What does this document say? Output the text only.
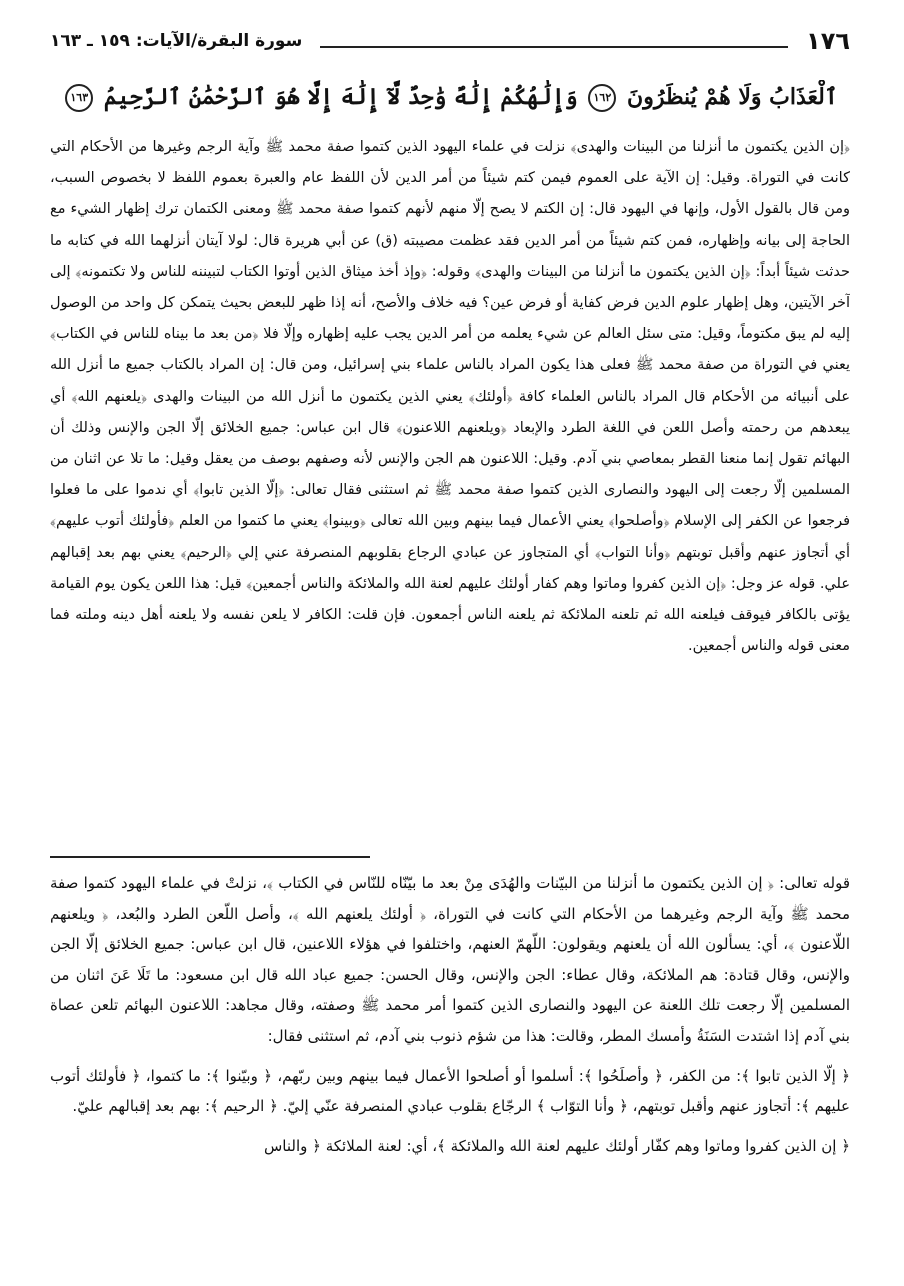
١٧٦
سورة البقرة/الآيات: ١٥٩ ـ ١٦٣
ٱلْعَذَابُ وَلَا هُمْ يُنظَرُونَ ١٦٢ وَإِلَٰهُكُمْ إِلَٰهٌ وَٰحِدٌ لَّآ إِلَٰهَ إِلَّا هُوَ ٱلرَّحْمَٰنُ ٱلرَّحِيمُ ١٦٣

﴿إن الذين يكتمون ما أنزلنا من البينات والهدى﴾ نزلت في علماء اليهود الذين كتموا صفة محمد ﷺ وآية الرجم وغيرها من الأحكام التي كانت في التوراة. وقيل: إن الآية على العموم فيمن كتم شيئاً من أمر الدين لأن اللفظ عام والعبرة بعموم اللفظ لا بخصوص السبب، ومن قال بالقول الأول، وإنها في اليهود قال: إن الكتم لا يصح إلّا منهم لأنهم كتموا صفة محمد ﷺ ومعنى الكتمان ترك إظهار الشيء مع الحاجة إلى بيانه وإظهاره، فمن كتم شيئاً من أمر الدين فقد عظمت مصيبته (ق) عن أبي هريرة قال: لولا آيتان أنزلهما الله في كتابه ما حدثت شيئاً أبداً: ﴿إن الذين يكتمون ما أنزلنا من البينات والهدى﴾ وقوله: ﴿وإذ أخذ ميثاق الذين أوتوا الكتاب لتبيننه للناس ولا تكتمونه﴾ إلى آخر الآيتين، وهل إظهار علوم الدين فرض كفاية أو فرض عين؟ فيه خلاف والأصح، أنه إذا ظهر للبعض بحيث يتمكن كل واحد من الوصول إليه لم يبق مكتوماً، وقيل: متى سئل العالم عن شيء يعلمه من أمر الدين يجب عليه إظهاره وإلّا فلا ﴿من بعد ما بيناه للناس في الكتاب﴾ يعني في التوراة من صفة محمد ﷺ فعلى هذا يكون المراد بالناس علماء بني إسرائيل، ومن قال: إن المراد بالكتاب جميع ما أنزل الله على أنبيائه من الأحكام قال المراد بالناس العلماء كافة ﴿أولئك﴾ يعني الذين يكتمون ما أنزل الله من البينات والهدى ﴿يلعنهم الله﴾ أي يبعدهم من رحمته وأصل اللعن في اللغة الطرد والإبعاد ﴿ويلعنهم اللاعنون﴾ قال ابن عباس: جميع الخلائق إلّا الجن والإنس وذلك أن البهائم تقول إنما منعنا القطر بمعاصي بني آدم. وقيل: اللاعنون هم الجن والإنس لأنه وصفهم بوصف من يعقل وقيل: ما تلا عن اثنان من المسلمين إلّا رجعت إلى اليهود والنصارى الذين كتموا صفة محمد ﷺ ثم استثنى فقال تعالى: ﴿إلّا الذين تابوا﴾ أي ندموا على ما فعلوا فرجعوا عن الكفر إلى الإسلام ﴿وأصلحوا﴾ يعني الأعمال فيما بينهم وبين الله تعالى ﴿وبينوا﴾ يعني ما كتموا من العلم ﴿فأولئك أتوب عليهم﴾ أي أتجاوز عنهم وأقبل توبتهم ﴿وأنا التواب﴾ أي المتجاوز عن عبادي الرجاع بقلوبهم المنصرفة عني إلي ﴿الرحيم﴾ يعني بهم بعد إقبالهم علي. قوله عز وجل: ﴿إن الذين كفروا وماتوا وهم كفار أولئك عليهم لعنة الله والملائكة والناس أجمعين﴾ قيل: هذا اللعن يكون يوم القيامة يؤتى بالكافر فيوقف فيلعنه الله ثم تلعنه الملائكة ثم يلعنه الناس أجمعون. فإن قلت: الكافر لا يلعن نفسه ولا يلعنه أهل دينه وملته فما معنى قوله والناس أجمعين.

قوله تعالى: ﴿ إن الذين يكتمون ما أنزلنا من البيّنات والهُدَى مِنْ بعد ما بيّنّاه للنّاس في الكتاب ﴾، نزلتْ في علماء اليهود كتموا صفة محمد ﷺ وآية الرجم وغيرهما من الأحكام التي كانت في التوراة، ﴿ أولئك يلعنهم الله ﴾، وأصل اللّعن الطرد والبُعد، ﴿ ويلعنهم اللّاعنون ﴾، أي: يسألون الله أن يلعنهم ويقولون: اللّهمّ العنهم، واختلفوا في هؤلاء اللاعنين، قال ابن عباس: جميع الخلائق إلّا الجن والإنس، وقال قتادة: هم الملائكة، وقال عطاء: الجن والإنس، وقال الحسن: جميع عباد الله قال ابن مسعود: ما تَلَا عَنَ اثنان من المسلمين إلّا رجعت تلك اللعنة عن اليهود والنصارى الذين كتموا أمر محمد ﷺ وصفته، وقال مجاهد: اللاعنون البهائم تلعن عصاة بني آدم إذا اشتدت السَنَةُ وأمسك المطر، وقالت: هذا من شؤم ذنوب بني آدم، ثم استثنى فقال:

﴿ إلّا الذين تابوا ﴾: من الكفر، ﴿ وأصلَحُوا ﴾: أسلموا أو أصلحوا الأعمال فيما بينهم وبين ربّهم، ﴿ وبيّنوا ﴾: ما كتموا، ﴿ فأولئك أتوب عليهم ﴾: أتجاوز عنهم وأقبل توبتهم، ﴿ وأنا التوّاب ﴾ الرجّاع بقلوب عبادي المنصرفة عنّي إليّ. ﴿ الرحيم ﴾: بهم بعد إقبالهم عليّ.

﴿ إن الذين كفروا وماتوا وهم كفّار أولئك عليهم لعنة الله والملائكة ﴾، أي: لعنة الملائكة ﴿ والناس
